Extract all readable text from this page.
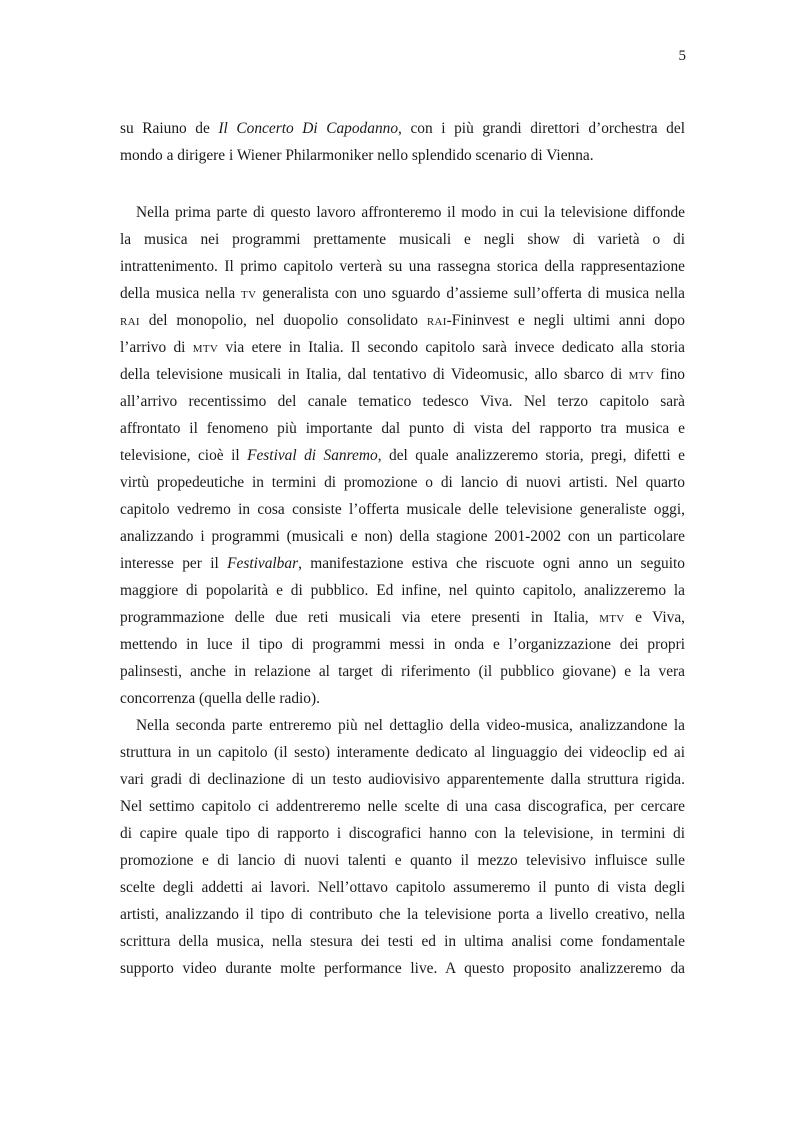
5
su Raiuno de Il Concerto Di Capodanno, con i più grandi direttori d’orchestra del
mondo a dirigere i Wiener Philarmoniker nello splendido scenario di Vienna.
Nella prima parte di questo lavoro affronteremo il modo in cui la televisione diffonde
la musica nei programmi prettamente musicali e negli show di varietà o di
intrattenimento. Il primo capitolo verterà su una rassegna storica della rappresentazione
della musica nella tv generalista con uno sguardo d’assieme sull’offerta di musica nella
rai del monopolio, nel duopolio consolidato rai-Fininvest e negli ultimi anni dopo
l’arrivo di mtv via etere in Italia. Il secondo capitolo sarà invece dedicato alla storia
della televisione musicali in Italia, dal tentativo di Videomusic, allo sbarco di mtv fino
all’arrivo recentissimo del canale tematico tedesco Viva. Nel terzo capitolo sarà
affrontato il fenomeno più importante dal punto di vista del rapporto tra musica e
televisione, cioè il Festival di Sanremo, del quale analizzeremo storia, pregi, difetti e
virtù propedeutiche in termini di promozione o di lancio di nuovi artisti. Nel quarto
capitolo vedremo in cosa consiste l’offerta musicale delle televisione generaliste oggi,
analizzando i programmi (musicali e non) della stagione 2001-2002 con un particolare
interesse per il Festivalbar, manifestazione estiva che riscuote ogni anno un seguito
maggiore di popolarità e di pubblico. Ed infine, nel quinto capitolo, analizzeremo la
programmazione delle due reti musicali via etere presenti in Italia, mtv e Viva,
mettendo in luce il tipo di programmi messi in onda e l’organizzazione dei propri
palinsesti, anche in relazione al target di riferimento (il pubblico giovane) e la vera
concorrenza (quella delle radio).
Nella seconda parte entreremo più nel dettaglio della video-musica, analizzandone la
struttura in un capitolo (il sesto) interamente dedicato al linguaggio dei videoclip ed ai
vari gradi di declinazione di un testo audiovisivo apparentemente dalla struttura rigida.
Nel settimo capitolo ci addentreremo nelle scelte di una casa discografica, per cercare
di capire quale tipo di rapporto i discografici hanno con la televisione, in termini di
promozione e di lancio di nuovi talenti e quanto il mezzo televisivo influisce sulle
scelte degli addetti ai lavori. Nell’ottavo capitolo assumeremo il punto di vista degli
artisti, analizzando il tipo di contributo che la televisione porta a livello creativo, nella
scrittura della musica, nella stesura dei testi ed in ultima analisi come fondamentale
supporto video durante molte performance live. A questo proposito analizzeremo da
